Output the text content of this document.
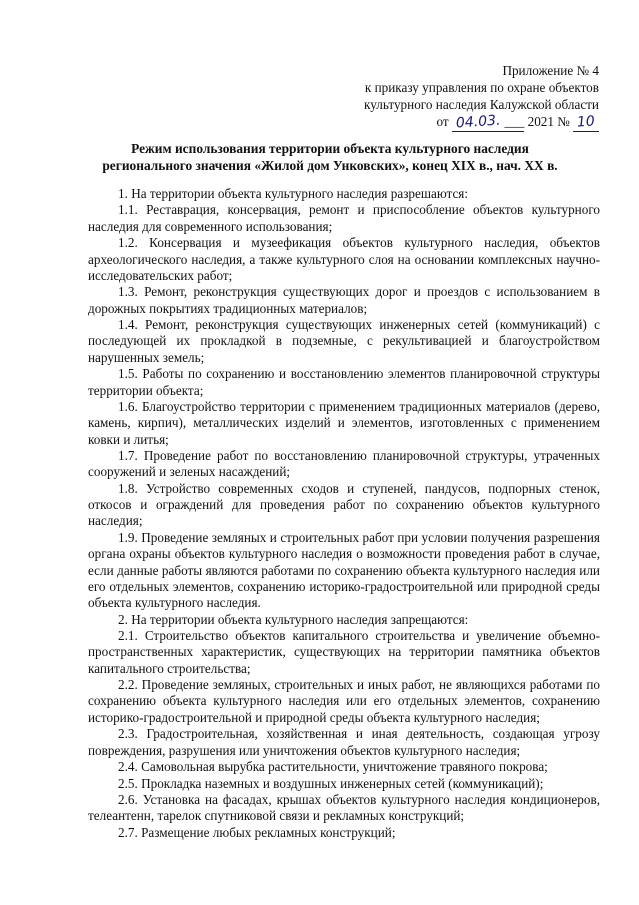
Приложение № 4
к приказу управления по охране объектов
культурного наследия Калужской области
от 04.03. ___ 2021 № 10
Режим использования территории объекта культурного наследия
регионального значения «Жилой дом Унковских», конец XIX в., нач. XX в.

1. На территории объекта культурного наследия разрешаются:

1.1. Реставрация, консервация, ремонт и приспособление объектов культурного наследия для современного использования;

1.2. Консервация и музеефикация объектов культурного наследия, объектов археологического наследия, а также культурного слоя на основании комплексных научно-исследовательских работ;

1.3. Ремонт, реконструкция существующих дорог и проездов с использованием в дорожных покрытиях традиционных материалов;

1.4. Ремонт, реконструкция существующих инженерных сетей (коммуникаций) с последующей их прокладкой в подземные, с рекультивацией и благоустройством нарушенных земель;

1.5. Работы по сохранению и восстановлению элементов планировочной структуры территории объекта;

1.6. Благоустройство территории с применением традиционных материалов (дерево, камень, кирпич), металлических изделий и элементов, изготовленных с применением ковки и литья;

1.7. Проведение работ по восстановлению планировочной структуры, утраченных сооружений и зеленых насаждений;

1.8. Устройство современных сходов и ступеней, пандусов, подпорных стенок, откосов и ограждений для проведения работ по сохранению объектов культурного наследия;

1.9. Проведение земляных и строительных работ при условии получения разрешения органа охраны объектов культурного наследия о возможности проведения работ в случае, если данные работы являются работами по сохранению объекта культурного наследия или его отдельных элементов, сохранению историко-градостроительной или природной среды объекта культурного наследия.

2. На территории объекта культурного наследия запрещаются:

2.1. Строительство объектов капитального строительства и увеличение объемно-пространственных характеристик, существующих на территории памятника объектов капитального строительства;

2.2. Проведение земляных, строительных и иных работ, не являющихся работами по сохранению объекта культурного наследия или его отдельных элементов, сохранению историко-градостроительной и природной среды объекта культурного наследия;

2.3. Градостроительная, хозяйственная и иная деятельность, создающая угрозу повреждения, разрушения или уничтожения объектов культурного наследия;

2.4. Самовольная вырубка растительности, уничтожение травяного покрова;

2.5. Прокладка наземных и воздушных инженерных сетей (коммуникаций);

2.6. Установка на фасадах, крышах объектов культурного наследия кондиционеров, телеантенн, тарелок спутниковой связи и рекламных конструкций;

2.7. Размещение любых рекламных конструкций;
